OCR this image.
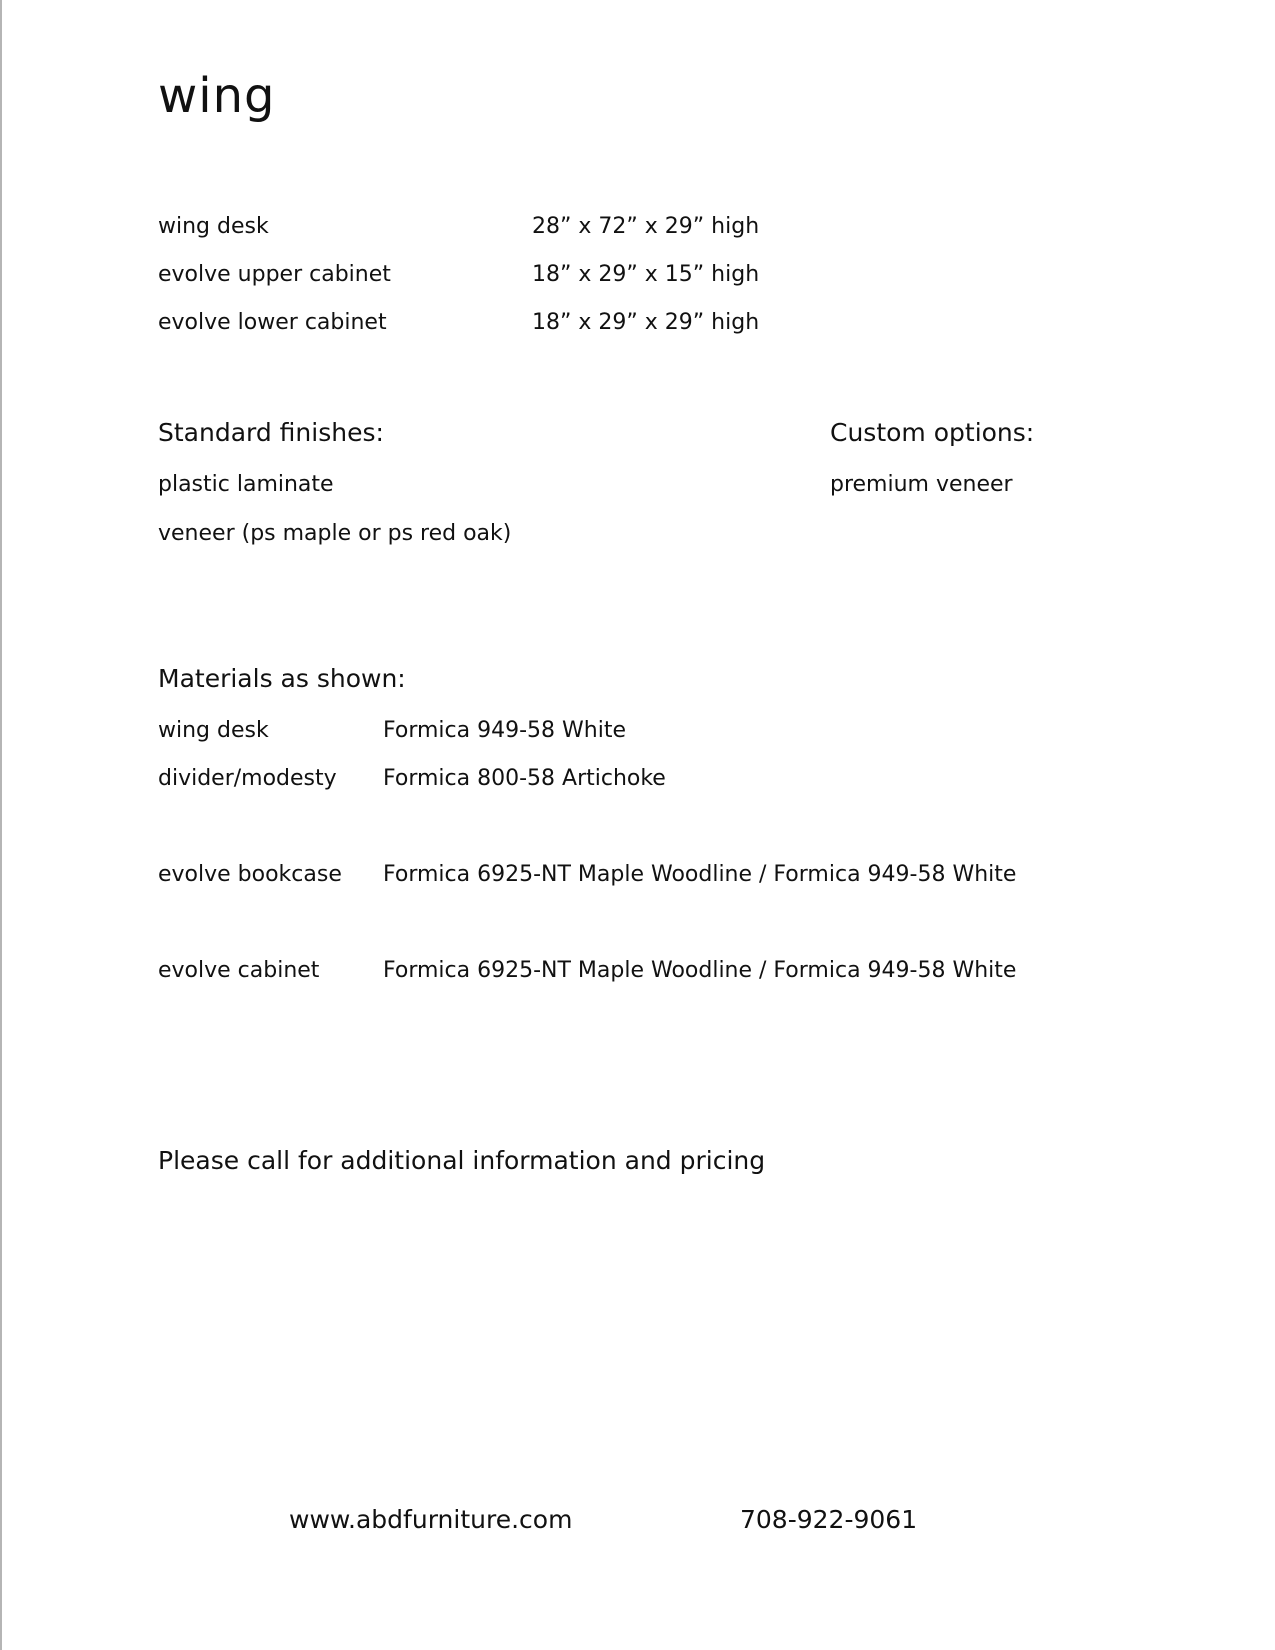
wing
wing desk	28” x 72” x 29” high
evolve upper cabinet	18” x 29” x 15” high
evolve lower cabinet	18” x 29” x 29” high
Standard finishes:
plastic laminate
veneer (ps maple or ps red oak)
Custom options:
premium veneer
Materials as shown:
wing desk	Formica 949-58 White
divider/modesty Formica 800-58 Artichoke
evolve bookcase Formica 6925-NT Maple Woodline / Formica 949-58 White
evolve cabinet	Formica 6925-NT Maple Woodline / Formica 949-58 White
Please call for additional information and pricing
www.abdfurniture.com	708-922-9061
